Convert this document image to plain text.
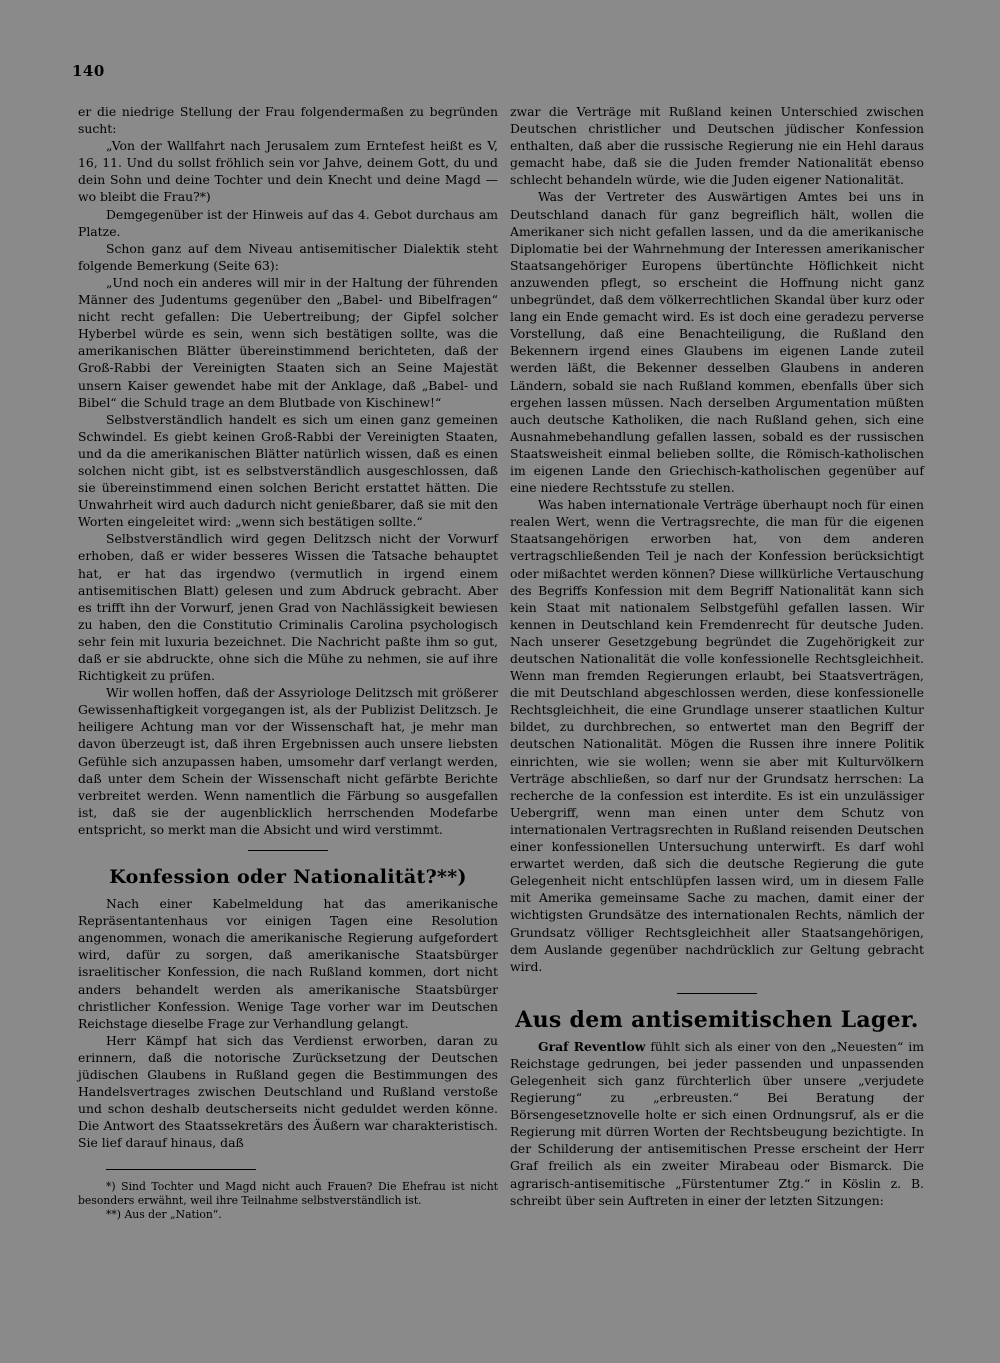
140

er die niedrige Stellung der Frau folgendermaßen zu begründen sucht:

„Von der Wallfahrt nach Jerusalem zum Erntefest heißt es V, 16, 11. Und du sollst fröhlich sein vor Jahve, deinem Gott, du und dein Sohn und deine Tochter und dein Knecht und deine Magd — wo bleibt die Frau?*)

Demgegenüber ist der Hinweis auf das 4. Gebot durchaus am Platze.

Schon ganz auf dem Niveau antisemitischer Dialektik steht folgende Bemerkung (Seite 63):

„Und noch ein anderes will mir in der Haltung der führenden Männer des Judentums gegenüber den „Babel- und Bibelfragen“ nicht recht gefallen: Die Uebertreibung; der Gipfel solcher Hyberbel würde es sein, wenn sich bestätigen sollte, was die amerikanischen Blätter übereinstimmend berichteten, daß der Groß-Rabbi der Vereinigten Staaten sich an Seine Majestät unsern Kaiser gewendet habe mit der Anklage, daß „Babel- und Bibel“ die Schuld trage an dem Blutbade von Kischinew!“

Selbstverständlich handelt es sich um einen ganz gemeinen Schwindel. Es giebt keinen Groß-Rabbi der Vereinigten Staaten, und da die amerikanischen Blätter natürlich wissen, daß es einen solchen nicht gibt, ist es selbstverständlich ausgeschlossen, daß sie übereinstimmend einen solchen Bericht erstattet hätten. Die Unwahrheit wird auch dadurch nicht genießbarer, daß sie mit den Worten eingeleitet wird: „wenn sich bestätigen sollte.“

Selbstverständlich wird gegen Delitzsch nicht der Vorwurf erhoben, daß er wider besseres Wissen die Tatsache behauptet hat, er hat das irgendwo (vermutlich in irgend einem antisemitischen Blatt) gelesen und zum Abdruck gebracht. Aber es trifft ihn der Vorwurf, jenen Grad von Nachlässigkeit bewiesen zu haben, den die Constitutio Criminalis Carolina psychologisch sehr fein mit luxuria bezeichnet. Die Nachricht paßte ihm so gut, daß er sie abdruckte, ohne sich die Mühe zu nehmen, sie auf ihre Richtigkeit zu prüfen.

Wir wollen hoffen, daß der Assyriologe Delitzsch mit größerer Gewissenhaftigkeit vorgegangen ist, als der Publizist Delitzsch. Je heiligere Achtung man vor der Wissenschaft hat, je mehr man davon überzeugt ist, daß ihren Ergebnissen auch unsere liebsten Gefühle sich anzupassen haben, umsomehr darf verlangt werden, daß unter dem Schein der Wissenschaft nicht gefärbte Berichte verbreitet werden. Wenn namentlich die Färbung so ausgefallen ist, daß sie der augenblicklich herrschenden Modefarbe entspricht, so merkt man die Absicht und wird verstimmt.

Konfession oder Nationalität?**)

Nach einer Kabelmeldung hat das amerikanische Repräsentantenhaus vor einigen Tagen eine Resolution angenommen, wonach die amerikanische Regierung aufgefordert wird, dafür zu sorgen, daß amerikanische Staatsbürger israelitischer Konfession, die nach Rußland kommen, dort nicht anders behandelt werden als amerikanische Staatsbürger christlicher Konfession. Wenige Tage vorher war im Deutschen Reichstage dieselbe Frage zur Verhandlung gelangt.

Herr Kämpf hat sich das Verdienst erworben, daran zu erinnern, daß die notorische Zurücksetzung der Deutschen jüdischen Glaubens in Rußland gegen die Bestimmungen des Handelsvertrages zwischen Deutschland und Rußland verstoße und schon deshalb deutscherseits nicht geduldet werden könne. Die Antwort des Staatssekretärs des Äußern war charakteristisch. Sie lief darauf hinaus, daß

*) Sind Tochter und Magd nicht auch Frauen? Die Ehefrau ist nicht besonders erwähnt, weil ihre Teilnahme selbstverständlich ist.

**) Aus der „Nation“.

zwar die Verträge mit Rußland keinen Unterschied zwischen Deutschen christlicher und Deutschen jüdischer Konfession enthalten, daß aber die russische Regierung nie ein Hehl daraus gemacht habe, daß sie die Juden fremder Nationalität ebenso schlecht behandeln würde, wie die Juden eigener Nationalität.

Was der Vertreter des Auswärtigen Amtes bei uns in Deutschland danach für ganz begreiflich hält, wollen die Amerikaner sich nicht gefallen lassen, und da die amerikanische Diplomatie bei der Wahrnehmung der Interessen amerikanischer Staatsangehöriger Europens übertünchte Höflichkeit nicht anzuwenden pflegt, so erscheint die Hoffnung nicht ganz unbegründet, daß dem völkerrechtlichen Skandal über kurz oder lang ein Ende gemacht wird. Es ist doch eine geradezu perverse Vorstellung, daß eine Benachteiligung, die Rußland den Bekennern irgend eines Glaubens im eigenen Lande zuteil werden läßt, die Bekenner desselben Glaubens in anderen Ländern, sobald sie nach Rußland kommen, ebenfalls über sich ergehen lassen müssen. Nach derselben Argumentation müßten auch deutsche Katholiken, die nach Rußland gehen, sich eine Ausnahmebehandlung gefallen lassen, sobald es der russischen Staatsweisheit einmal belieben sollte, die Römisch-katholischen im eigenen Lande den Griechisch-katholischen gegenüber auf eine niedere Rechtsstufe zu stellen.

Was haben internationale Verträge überhaupt noch für einen realen Wert, wenn die Vertragsrechte, die man für die eigenen Staatsangehörigen erworben hat, von dem anderen vertragschließenden Teil je nach der Konfession berücksichtigt oder mißachtet werden können? Diese willkürliche Vertauschung des Begriffs Konfession mit dem Begriff Nationalität kann sich kein Staat mit nationalem Selbstgefühl gefallen lassen. Wir kennen in Deutschland kein Fremdenrecht für deutsche Juden. Nach unserer Gesetzgebung begründet die Zugehörigkeit zur deutschen Nationalität die volle konfessionelle Rechtsgleichheit. Wenn man fremden Regierungen erlaubt, bei Staatsverträgen, die mit Deutschland abgeschlossen werden, diese konfessionelle Rechtsgleichheit, die eine Grundlage unserer staatlichen Kultur bildet, zu durchbrechen, so entwertet man den Begriff der deutschen Nationalität. Mögen die Russen ihre innere Politik einrichten, wie sie wollen; wenn sie aber mit Kulturvölkern Verträge abschließen, so darf nur der Grundsatz herrschen: La recherche de la confession est interdite. Es ist ein unzulässiger Uebergriff, wenn man einen unter dem Schutz von internationalen Vertragsrechten in Rußland reisenden Deutschen einer konfessionellen Untersuchung unterwirft. Es darf wohl erwartet werden, daß sich die deutsche Regierung die gute Gelegenheit nicht entschlüpfen lassen wird, um in diesem Falle mit Amerika gemeinsame Sache zu machen, damit einer der wichtigsten Grundsätze des internationalen Rechts, nämlich der Grundsatz völliger Rechtsgleichheit aller Staatsangehörigen, dem Auslande gegenüber nachdrücklich zur Geltung gebracht wird.

Aus dem antisemitischen Lager.

Graf Reventlow fühlt sich als einer von den „Neuesten“ im Reichstage gedrungen, bei jeder passenden und unpassenden Gelegenheit sich ganz fürchterlich über unsere „verjudete Regierung“ zu „erbreusten.“ Bei Beratung der Börsengesetznovelle holte er sich einen Ordnungsruf, als er die Regierung mit dürren Worten der Rechtsbeugung bezichtigte. In der Schilderung der antisemitischen Presse erscheint der Herr Graf freilich als ein zweiter Mirabeau oder Bismarck. Die agrarisch-antisemitische „Fürstentumer Ztg.“ in Köslin z. B. schreibt über sein Auftreten in einer der letzten Sitzungen:
